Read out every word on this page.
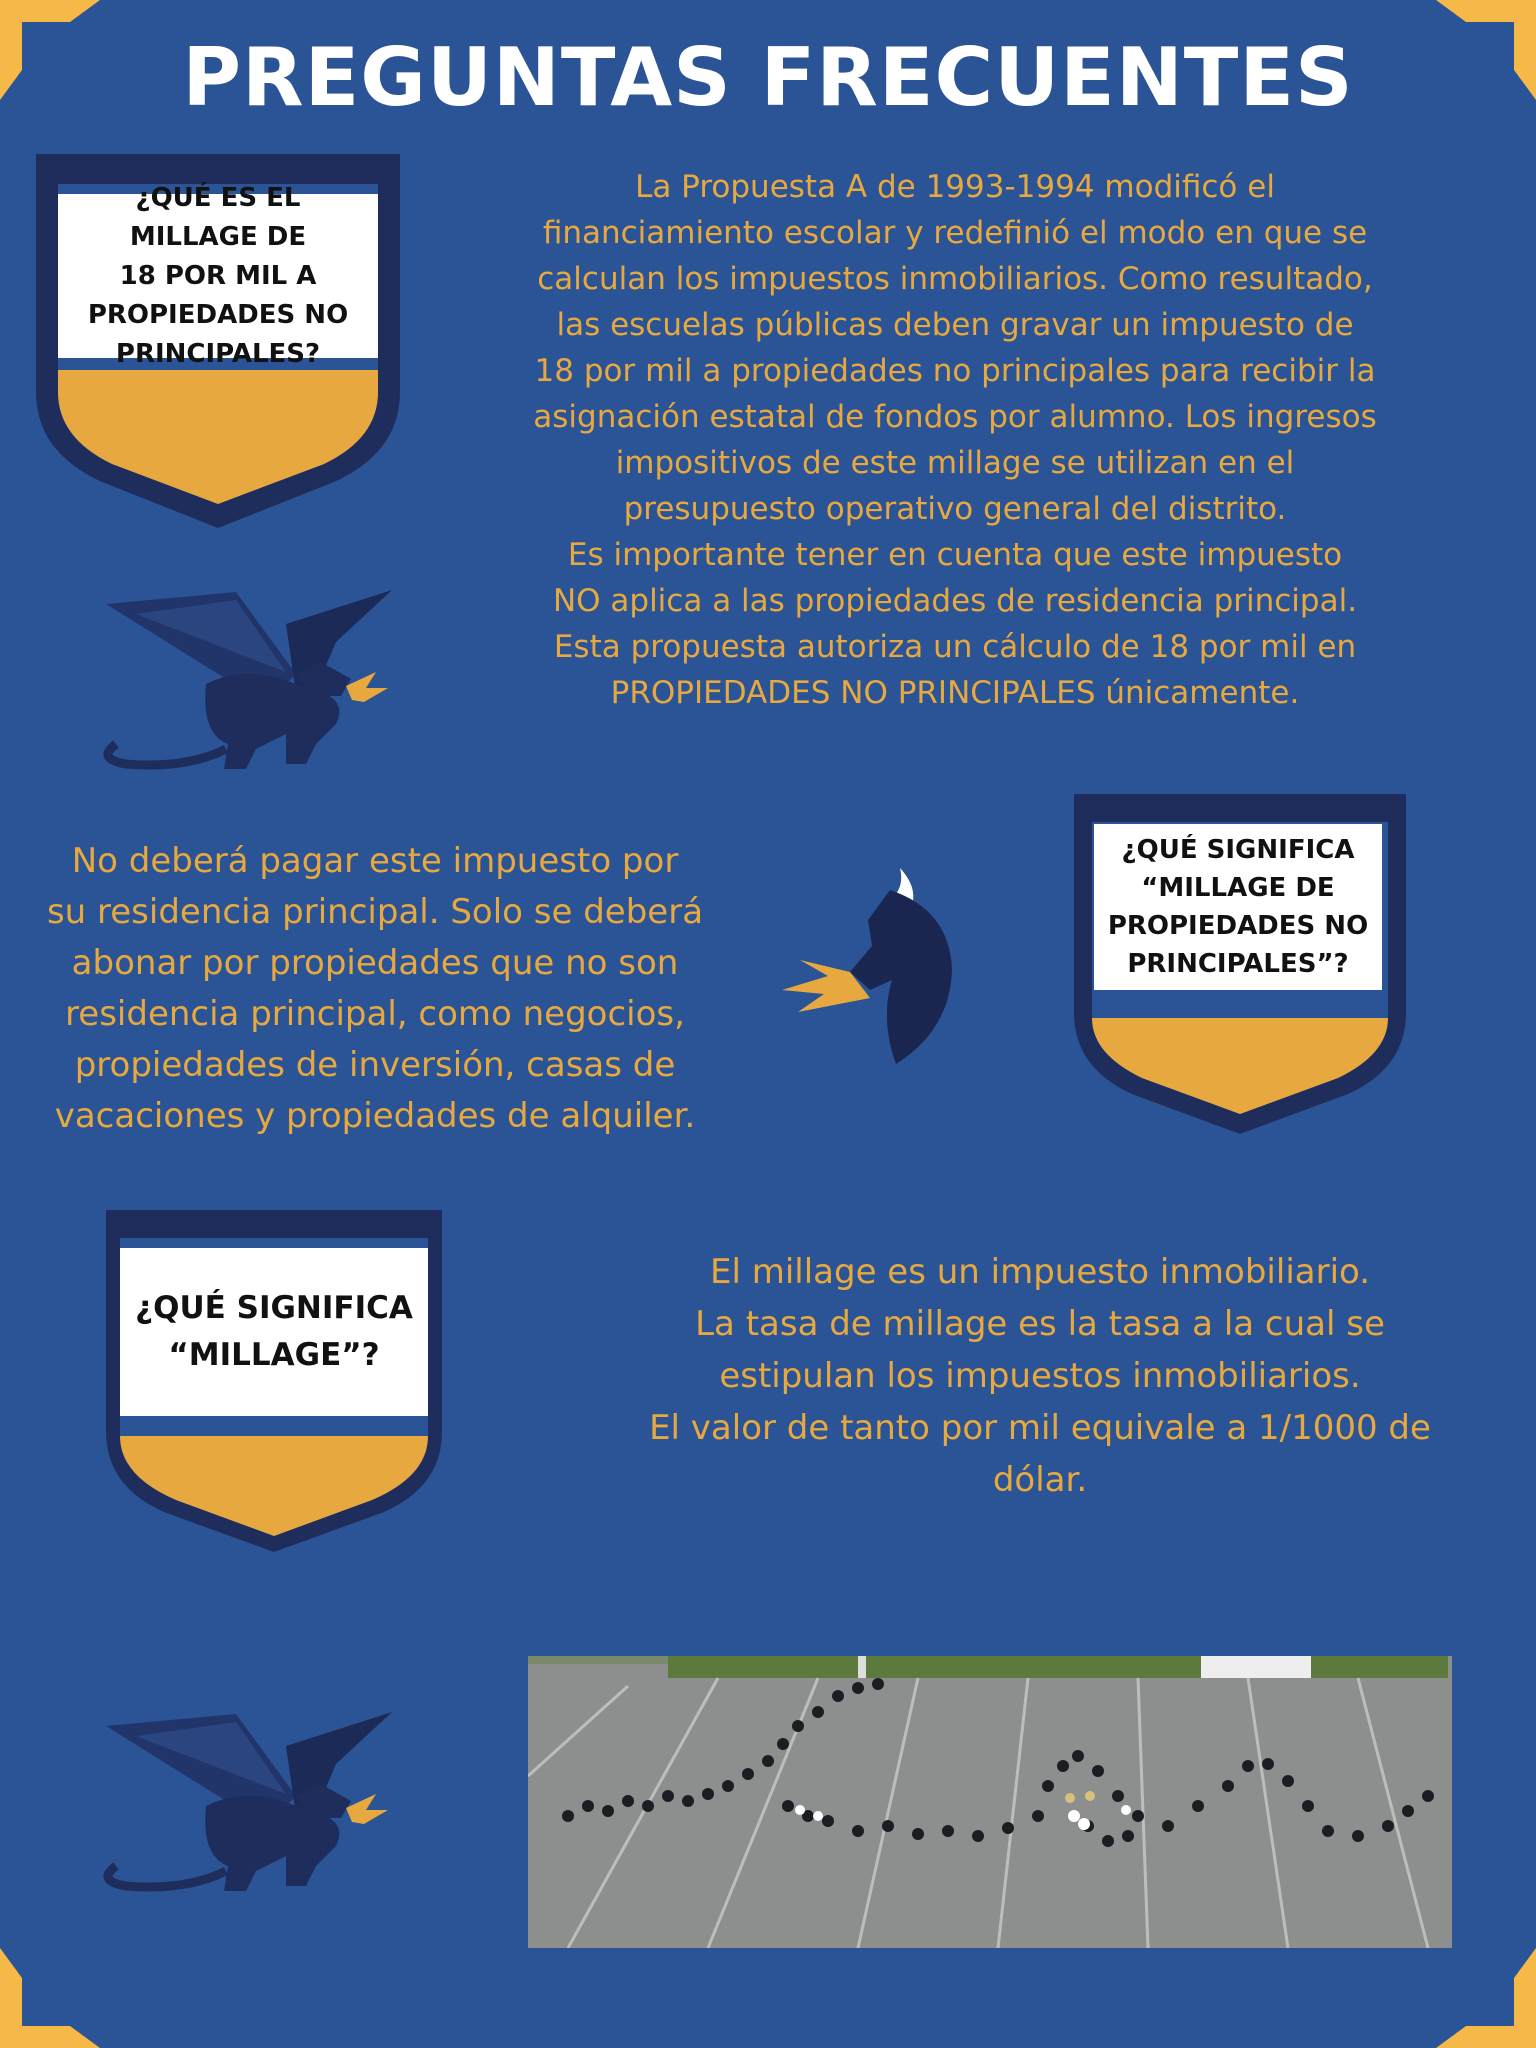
PREGUNTAS FRECUENTES
¿QUÉ ES EL
MILLAGE DE
18 POR MIL A
PROPIEDADES NO
PRINCIPALES?

La Propuesta A de 1993-1994 modificó el

financiamiento escolar y redefinió el modo en que se

calculan los impuestos inmobiliarios. Como resultado,

las escuelas públicas deben gravar un impuesto de

18 por mil a propiedades no principales para recibir la

asignación estatal de fondos por alumno. Los ingresos

impositivos de este millage se utilizan en el

presupuesto operativo general del distrito.

Es importante tener en cuenta que este impuesto

NO aplica a las propiedades de residencia principal.

Esta propuesta autoriza un cálculo de 18 por mil en

PROPIEDADES NO PRINCIPALES únicamente.

No deberá pagar este impuesto por

su residencia principal. Solo se deberá

abonar por propiedades que no son

residencia principal, como negocios,

propiedades de inversión, casas de

vacaciones y propiedades de alquiler.

¿QUÉ SIGNIFICA
“MILLAGE DE
PROPIEDADES NO
PRINCIPALES”?
¿QUÉ SIGNIFICA
“MILLAGE”?

El millage es un impuesto inmobiliario.

La tasa de millage es la tasa a la cual se

estipulan los impuestos inmobiliarios.

El valor de tanto por mil equivale a 1/1000 de

dólar.
